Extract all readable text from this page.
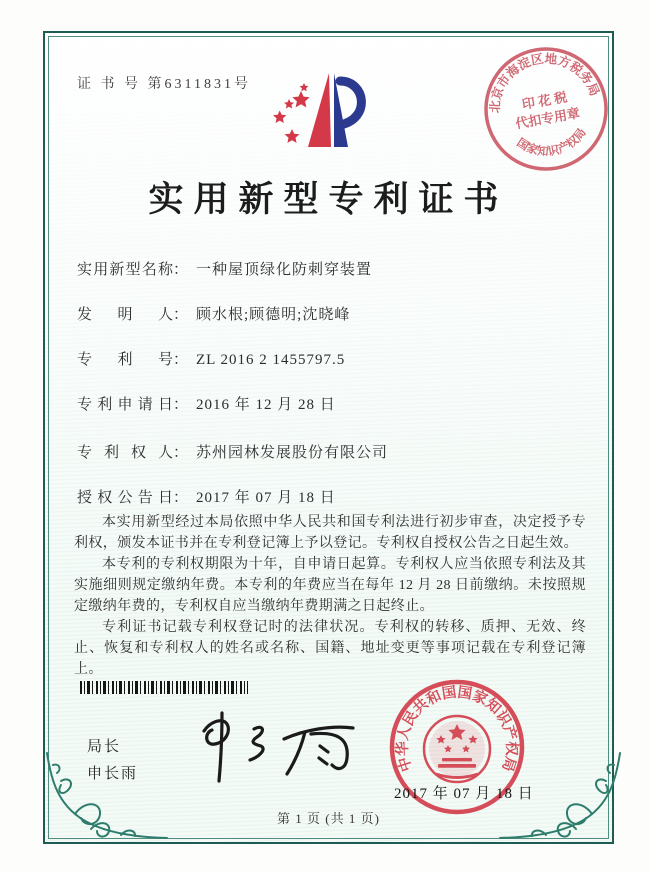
证 书 号 第6311831号
北京市海淀区地方税务局
国家知识产权局
印 花 税
代扣专用章
实用新型专利证书
实用新型名称： 一种屋顶绿化防刺穿装置
发明人： 顾水根;顾德明;沈晓峰
专利号： ZL 2016 2 1455797.5
专利申请日： 2016 年 12 月 28 日
专利权人： 苏州园林发展股份有限公司
授权公告日： 2017 年 07 月 18 日

本实用新型经过本局依照中华人民共和国专利法进行初步审查，决定授予专利权，颁发本证书并在专利登记簿上予以登记。专利权自授权公告之日起生效。

本专利的专利权期限为十年，自申请日起算。专利权人应当依照专利法及其实施细则规定缴纳年费。本专利的年费应当在每年 12 月 28 日前缴纳。未按照规定缴纳年费的，专利权自应当缴纳年费期满之日起终止。

专利证书记载专利权登记时的法律状况。专利权的转移、质押、无效、终止、恢复和专利权人的姓名或名称、国籍、地址变更等事项记载在专利登记簿上。

局长
申长雨
中华人民共和国国家知识产权局
2017 年 07 月 18 日
第 1 页 (共 1 页)
